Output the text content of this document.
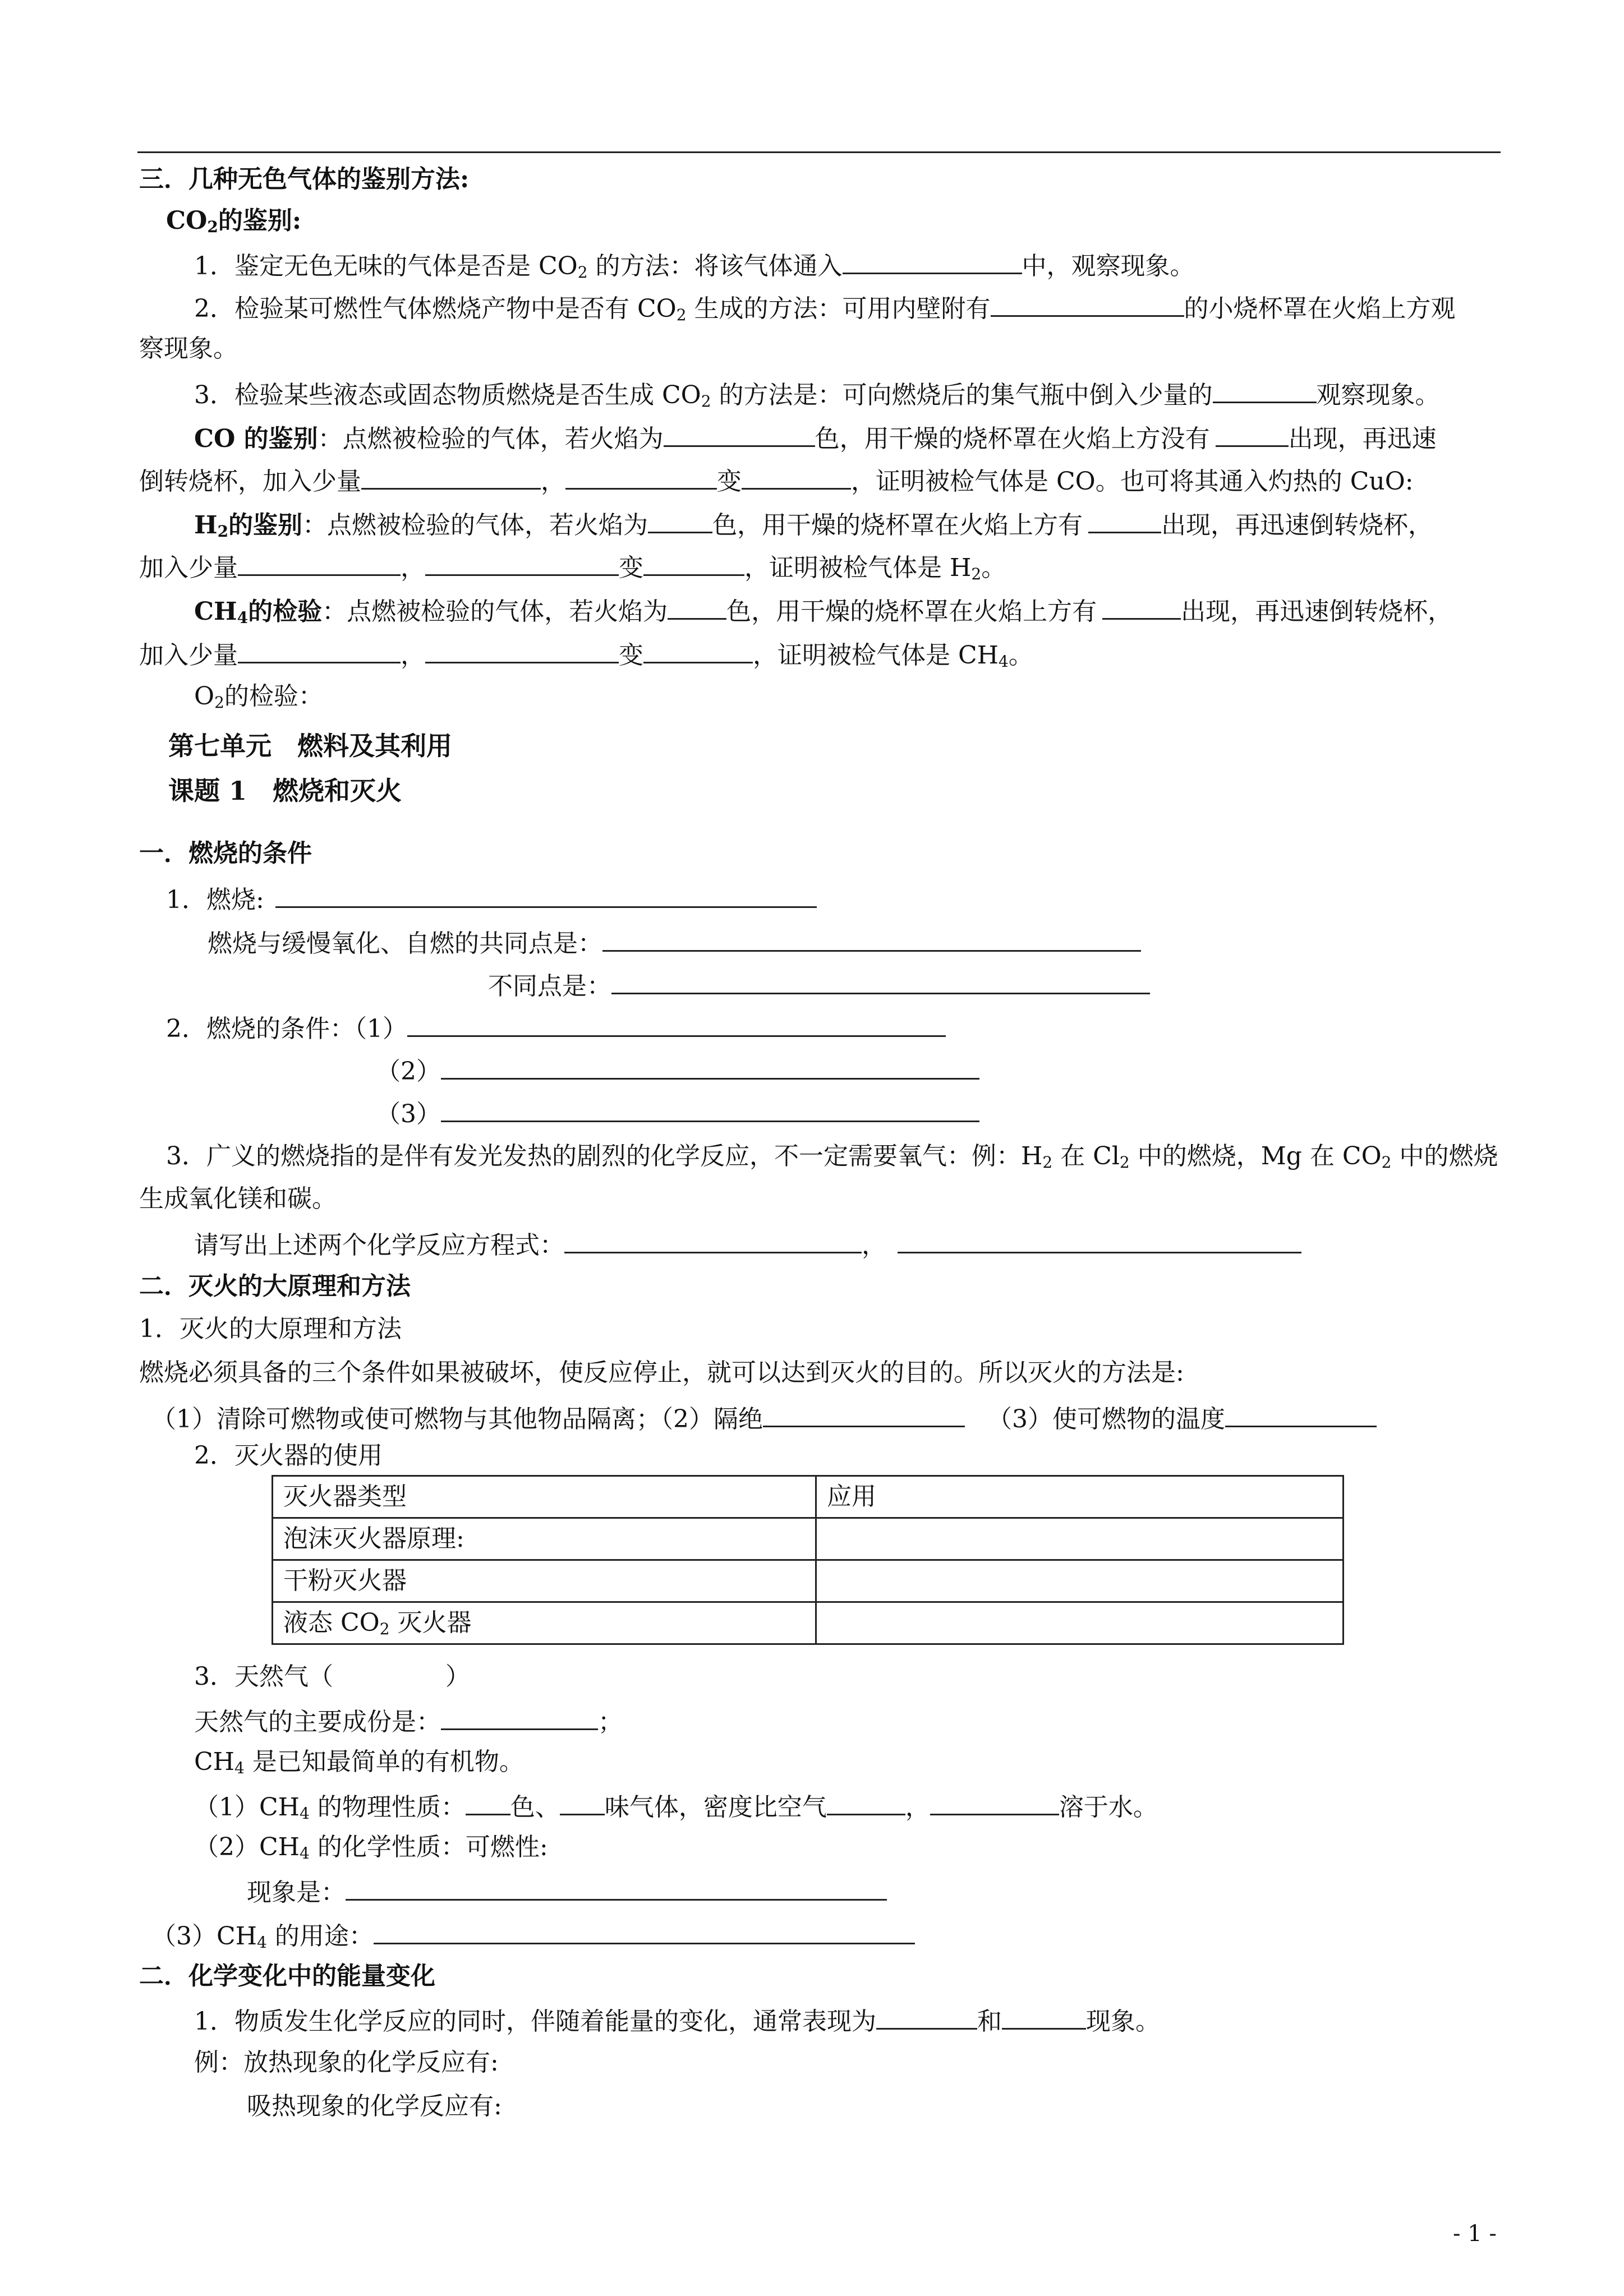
三．几种无色气体的鉴别方法:
$CO_2$的鉴别:
1．鉴定无色无味的气体是否是 $CO_2$ 的方法：将该气体通入	中，观察现象。
2．检验某可燃性气体燃烧产物中是否有 $CO_2$ 生成的方法：可用内壁附有	的小烧杯罩在火焰上方观
察现象。
3．检验某些液态或固态物质燃烧是否生成 $CO_2$ 的方法是：可向燃烧后的集气瓶中倒入少量的	观察现象。
CO 的鉴别：点燃被检验的气体，若火焰为	色，用干燥的烧杯罩在火焰上方没有	出现，再迅速
倒转烧杯，加入少量	，	变	，证明被检气体是 CO。也可将其通入灼热的 CuO:
$H_2$的鉴别：点燃被检验的气体，若火焰为	色，用干燥的烧杯罩在火焰上方有	出现，再迅速倒转烧杯，
加入少量	，	变	，证明被检气体是 $H_2$。
$CH_4$的检验：点燃被检验的气体，若火焰为 色，用干燥的烧杯罩在火焰上方有	出现，再迅速倒转烧杯，
加入少量	，	变	，证明被检气体是 $CH_4$。
$O_2$的检验：
第七单元　燃料及其利用
课题 1　燃烧和灭火
一．燃烧的条件
1．燃烧:
燃烧与缓慢氧化、自燃的共同点是：
不同点是：
2．燃烧的条件：（1）
（2）
（3）
3．广义的燃烧指的是伴有发光发热的剧烈的化学反应，不一定需要氧气：例：$H_2$ 在 $Cl_2$ 中的燃烧，Mg 在 $CO_2$ 中的燃烧
生成氧化镁和碳。
请写出上述两个化学反应方程式：	，
二．灭火的大原理和方法
1．灭火的大原理和方法
燃烧必须具备的三个条件如果被破坏，使反应停止，就可以达到灭火的目的。所以灭火的方法是:
（1）清除可燃物或使可燃物与其他物品隔离；（2）隔绝	（3）使可燃物的温度
2．灭火器的使用
灭火器类型	应用
泡沫灭火器原理:	
干粉灭火器	
液态 $CO_2$ 灭火器	
3．天然气（	）
天然气的主要成份是：	；
$CH_4$ 是已知最简单的有机物。
$(1)CH_4$ 的物理性质： 色、 味气体，密度比空气	，	溶于水。
$(2)CH_4$ 的化学性质：可燃性:
现象是：
$(3)CH_4$ 的用途：
二．化学变化中的能量变化
1．物质发生化学反应的同时，伴随着能量的变化，通常表现为	和	现象。
例：放热现象的化学反应有:
吸热现象的化学反应有:
- 1 -
